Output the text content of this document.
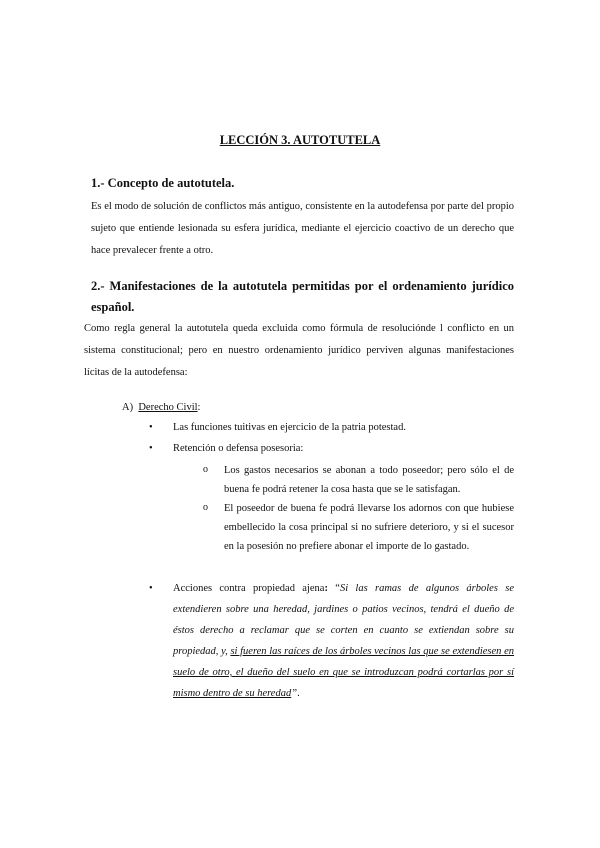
LECCIÓN 3. AUTOTUTELA
1.- Concepto de autotutela.

Es el modo de solución de conflictos más antiguo, consistente en la autodefensa por parte del propio sujeto que entiende lesionada su esfera jurídica, mediante el ejercicio coactivo de un derecho que hace prevalecer frente a otro.

2.- Manifestaciones de la autotutela permitidas por el ordenamiento jurídico español.

Como regla general la autotutela queda excluida como fórmula de resoluciónde l conflicto en un sistema constitucional; pero en nuestro ordenamiento jurídico perviven algunas manifestaciones lícitas de la autodefensa:

A) Derecho Civil:
• Las funciones tuitivas en ejercicio de la patria potestad.
• Retención o defensa posesoria:
o Los gastos necesarios se abonan a todo poseedor; pero sólo el de buena fe podrá retener la cosa hasta que se le satisfagan.

o El poseedor de buena fe podrá llevarse los adornos con que hubiese embellecido la cosa principal si no sufriere deterioro, y si el sucesor en la posesión no prefiere abonar el importe de lo gastado.

• Acciones contra propiedad ajena: “Si las ramas de algunos árboles se extendieren sobre una heredad, jardines o patios vecinos, tendrá el dueño de éstos derecho a reclamar que se corten en cuanto se extiendan sobre su propiedad, y, si fueren las raíces de los árboles vecinos las que se extendiesen en suelo de otro, el dueño del suelo en que se introduzcan podrá cortarlas por sí mismo dentro de su heredad”.
